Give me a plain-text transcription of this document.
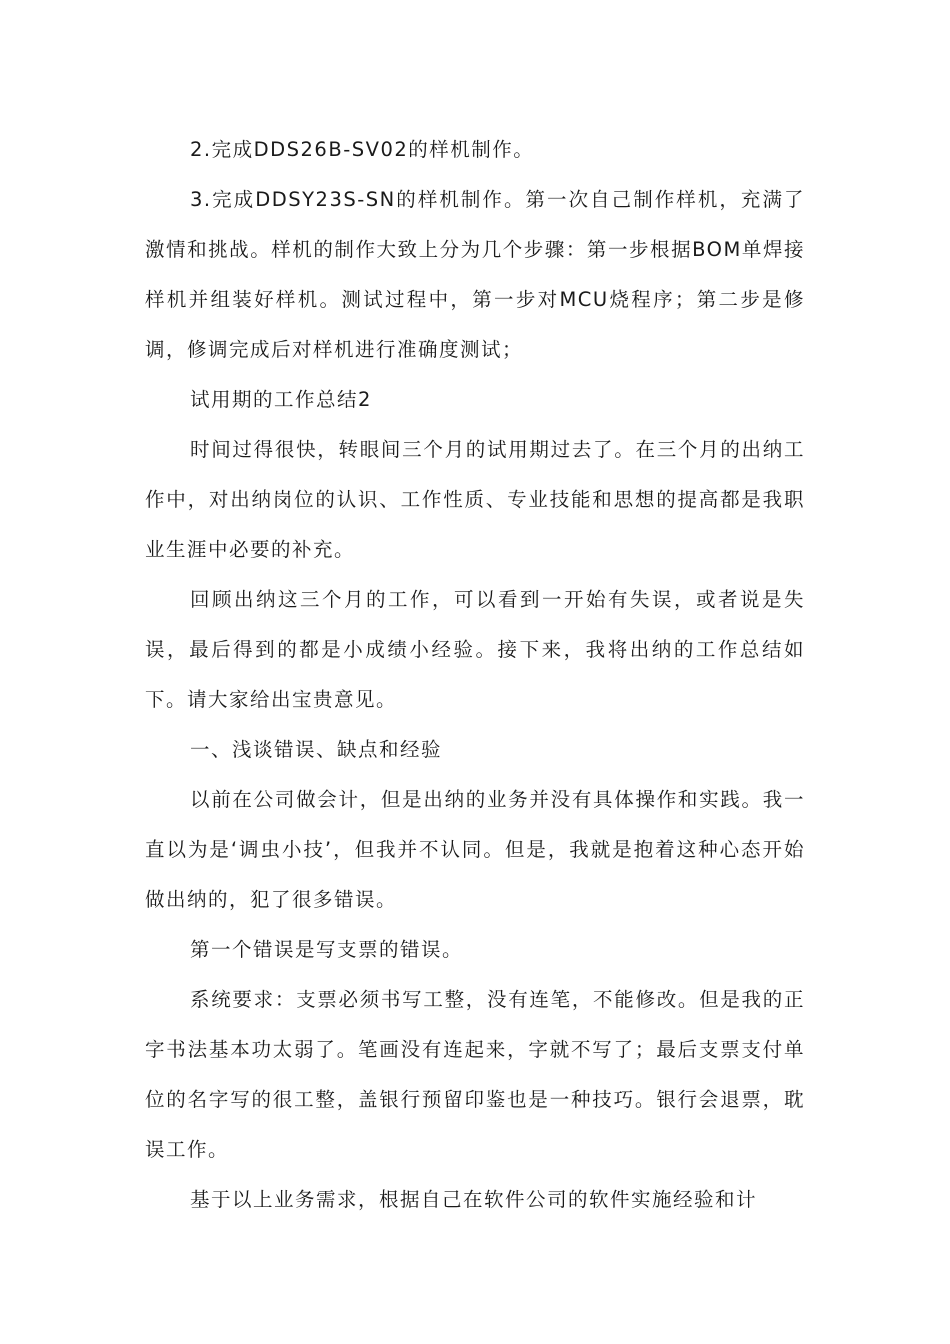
2.完成DDS26B-SV02的样机制作。

3.完成DDSY23S-SN的样机制作。第一次自己制作样机，充满了激情和挑战。样机的制作大致上分为几个步骤：第一步根据BOM单焊接样机并组装好样机。测试过程中，第一步对MCU烧程序；第二步是修调，修调完成后对样机进行准确度测试；

试用期的工作总结2

时间过得很快，转眼间三个月的试用期过去了。在三个月的出纳工作中，对出纳岗位的认识、工作性质、专业技能和思想的提高都是我职业生涯中必要的补充。

回顾出纳这三个月的工作，可以看到一开始有失误，或者说是失误，最后得到的都是小成绩小经验。接下来，我将出纳的工作总结如下。请大家给出宝贵意见。

一、浅谈错误、缺点和经验

以前在公司做会计，但是出纳的业务并没有具体操作和实践。我一直以为是‘调虫小技’，但我并不认同。但是，我就是抱着这种心态开始做出纳的，犯了很多错误。

第一个错误是写支票的错误。

系统要求：支票必须书写工整，没有连笔，不能修改。但是我的正字书法基本功太弱了。笔画没有连起来，字就不写了；最后支票支付单位的名字写的很工整，盖银行预留印鉴也是一种技巧。银行会退票，耽误工作。

基于以上业务需求，根据自己在软件公司的软件实施经验和计
